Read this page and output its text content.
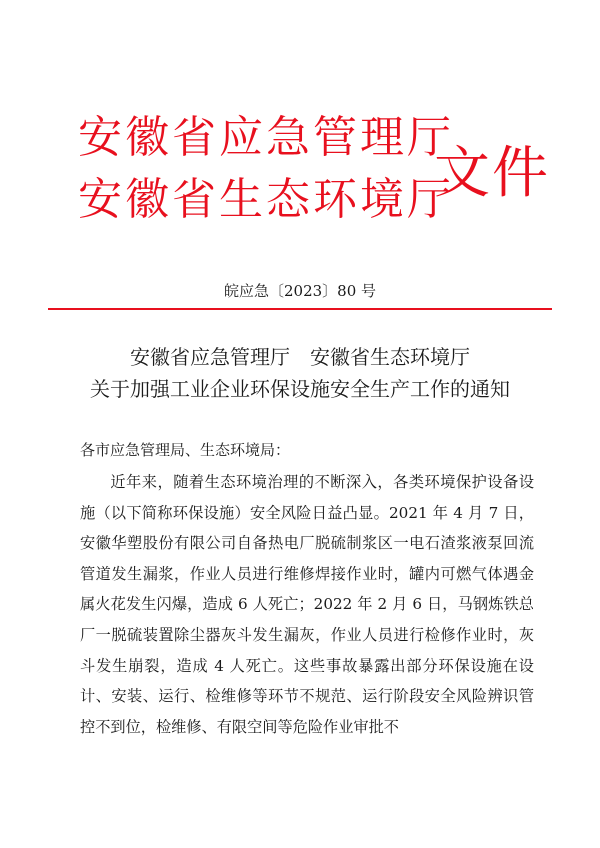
安徽省应急管理厅
安徽省生态环境厅
文件
皖应急〔2023〕80 号
安徽省应急管理厅　安徽省生态环境厅
关于加强工业企业环保设施安全生产工作的通知
各市应急管理局、生态环境局：

近年来，随着生态环境治理的不断深入，各类环境保护设备设施（以下简称环保设施）安全风险日益凸显。2021 年 4 月 7 日，安徽华塑股份有限公司自备热电厂脱硫制浆区一电石渣浆液泵回流管道发生漏浆，作业人员进行维修焊接作业时，罐内可燃气体遇金属火花发生闪爆，造成 6 人死亡；2022 年 2 月 6 日，马钢炼铁总厂一脱硫装置除尘器灰斗发生漏灰，作业人员进行检修作业时，灰斗发生崩裂，造成 4 人死亡。这些事故暴露出部分环保设施在设计、安装、运行、检维修等环节不规范、运行阶段安全风险辨识管控不到位，检维修、有限空间等危险作业审批不
